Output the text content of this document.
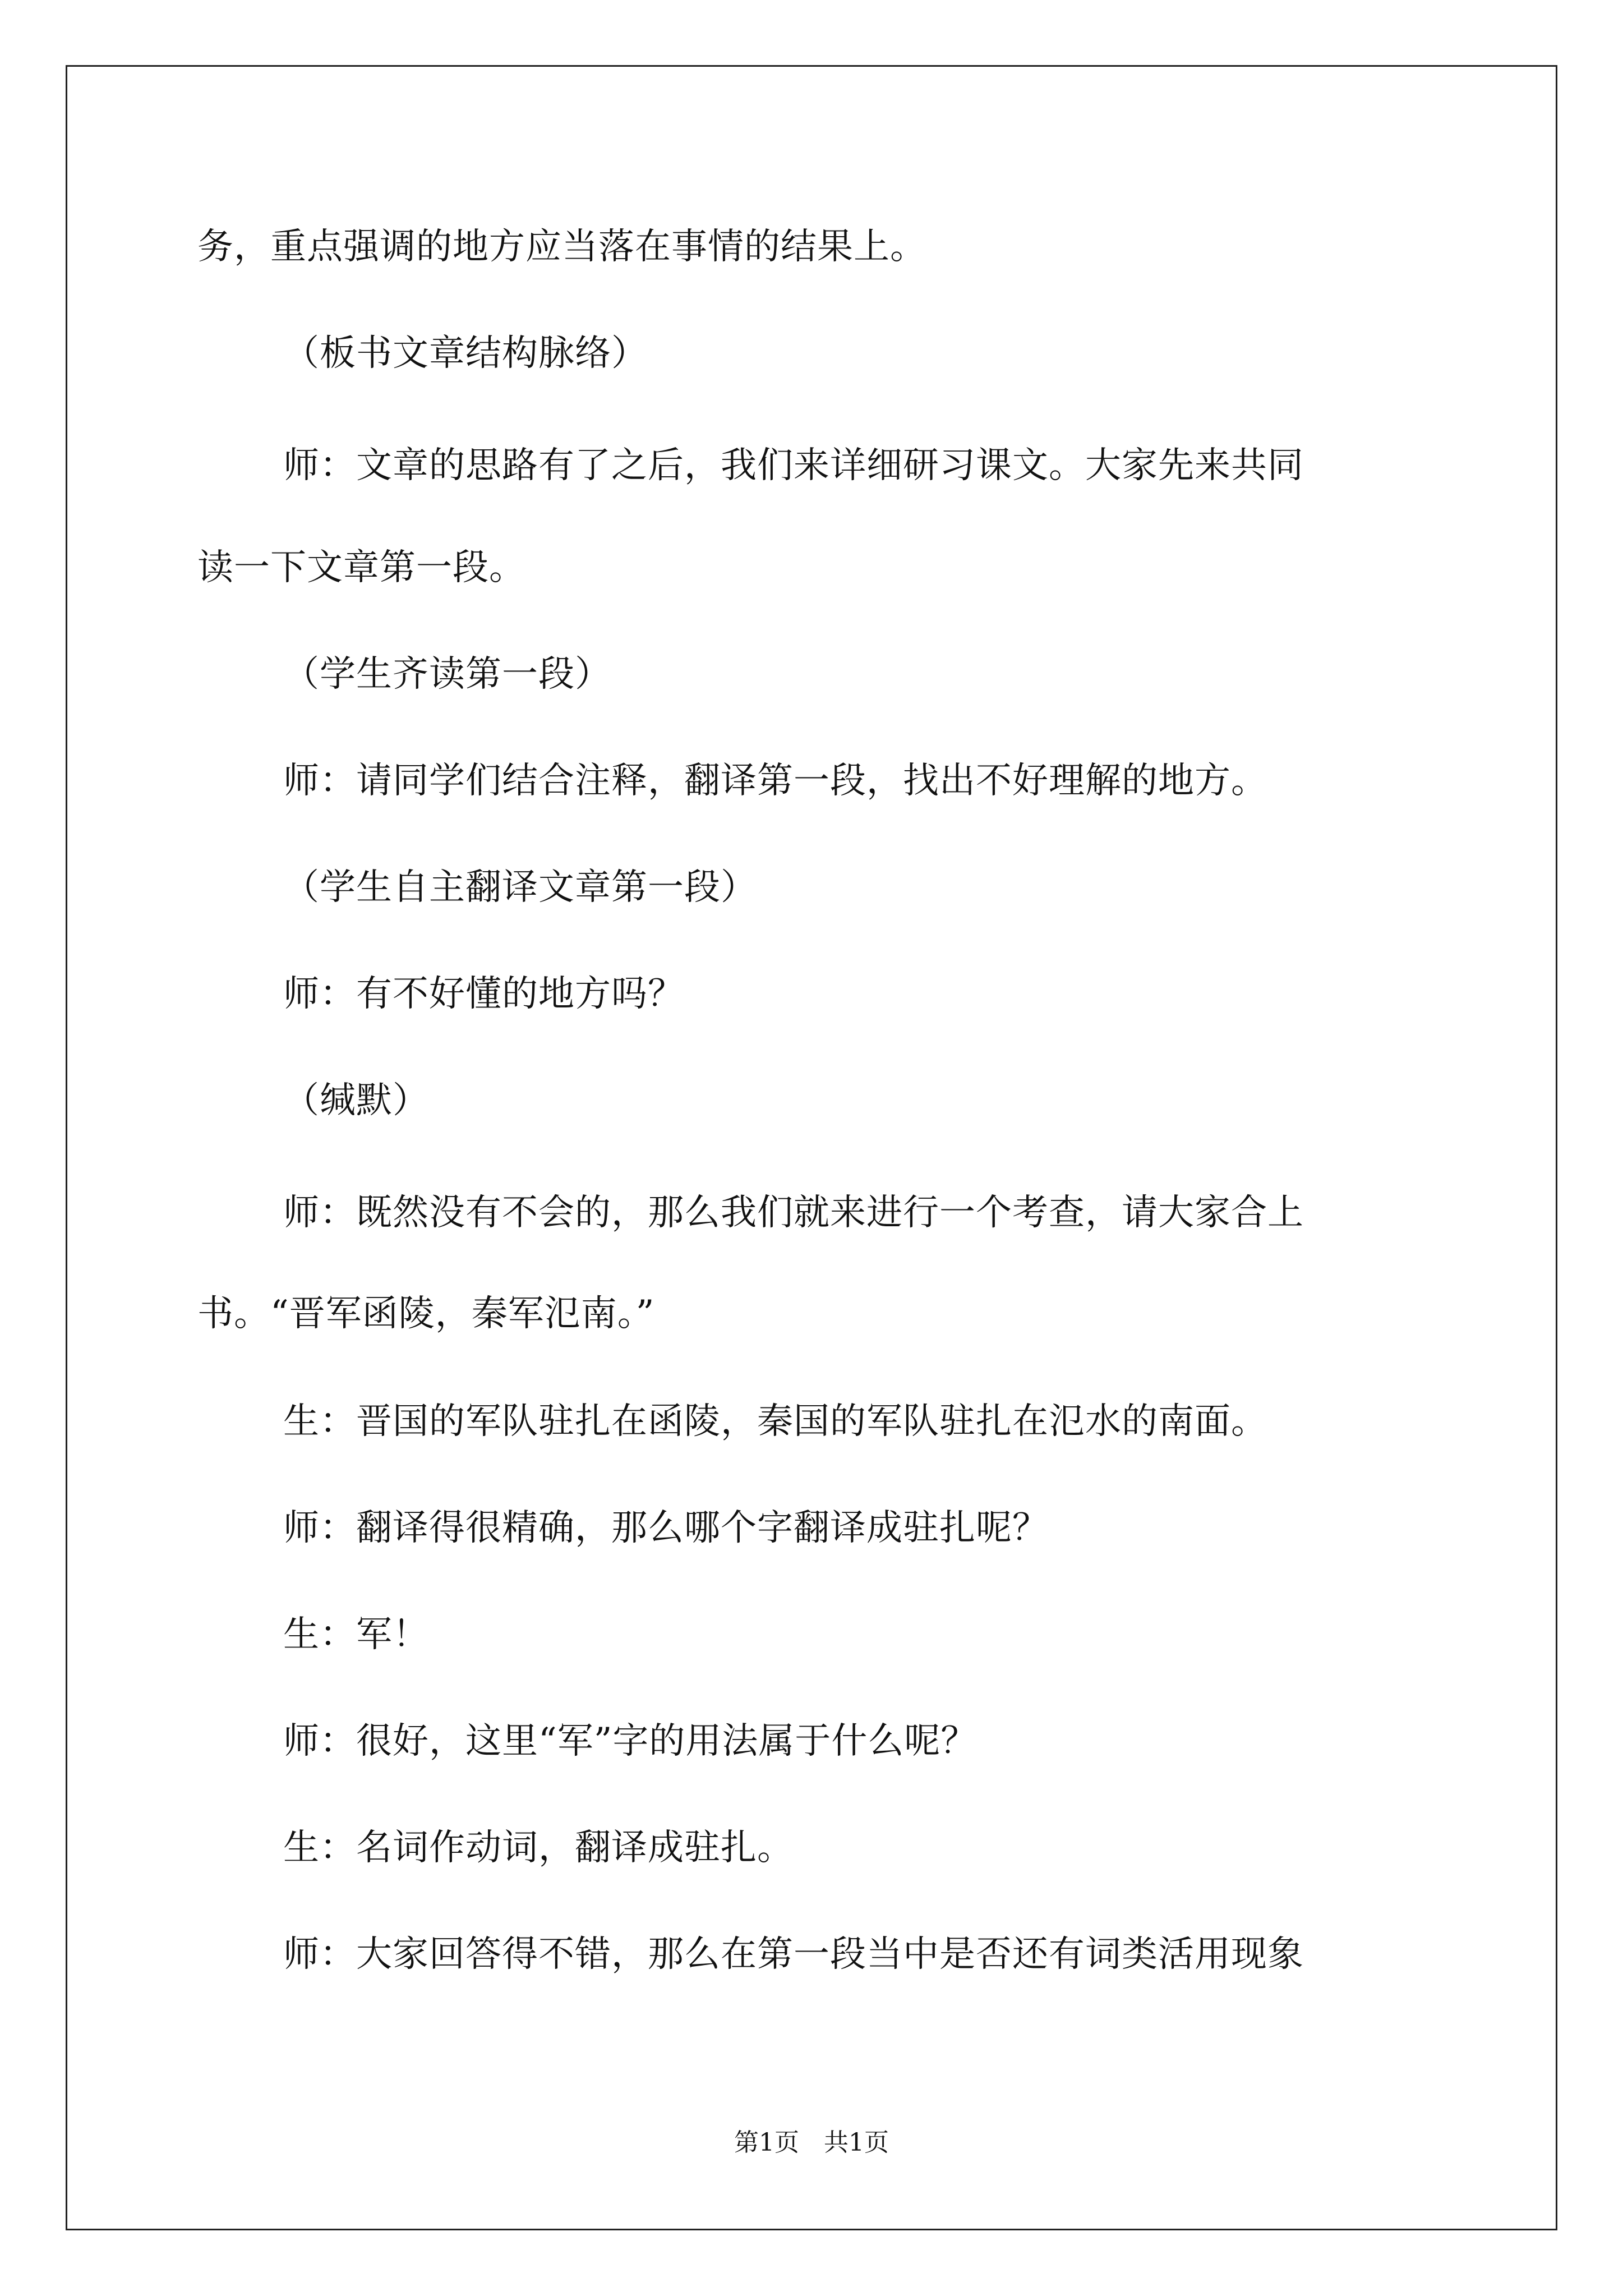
务，重点强调的地方应当落在事情的结果上。
（板书文章结构脉络）
师：文章的思路有了之后，我们来详细研习课文。大家先来共同
读一下文章第一段。
（学生齐读第一段）
师：请同学们结合注释，翻译第一段，找出不好理解的地方。
（学生自主翻译文章第一段）
师：有不好懂的地方吗？
（缄默）
师：既然没有不会的，那么我们就来进行一个考查，请大家合上
书。“晋军函陵，秦军氾南。”
生：晋国的军队驻扎在函陵，秦国的军队驻扎在氾水的南面。
师：翻译得很精确，那么哪个字翻译成驻扎呢？
生：军！
师：很好，这里“军”字的用法属于什么呢？
生：名词作动词，翻译成驻扎。
师：大家回答得不错，那么在第一段当中是否还有词类活用现象
第1页　共1页
